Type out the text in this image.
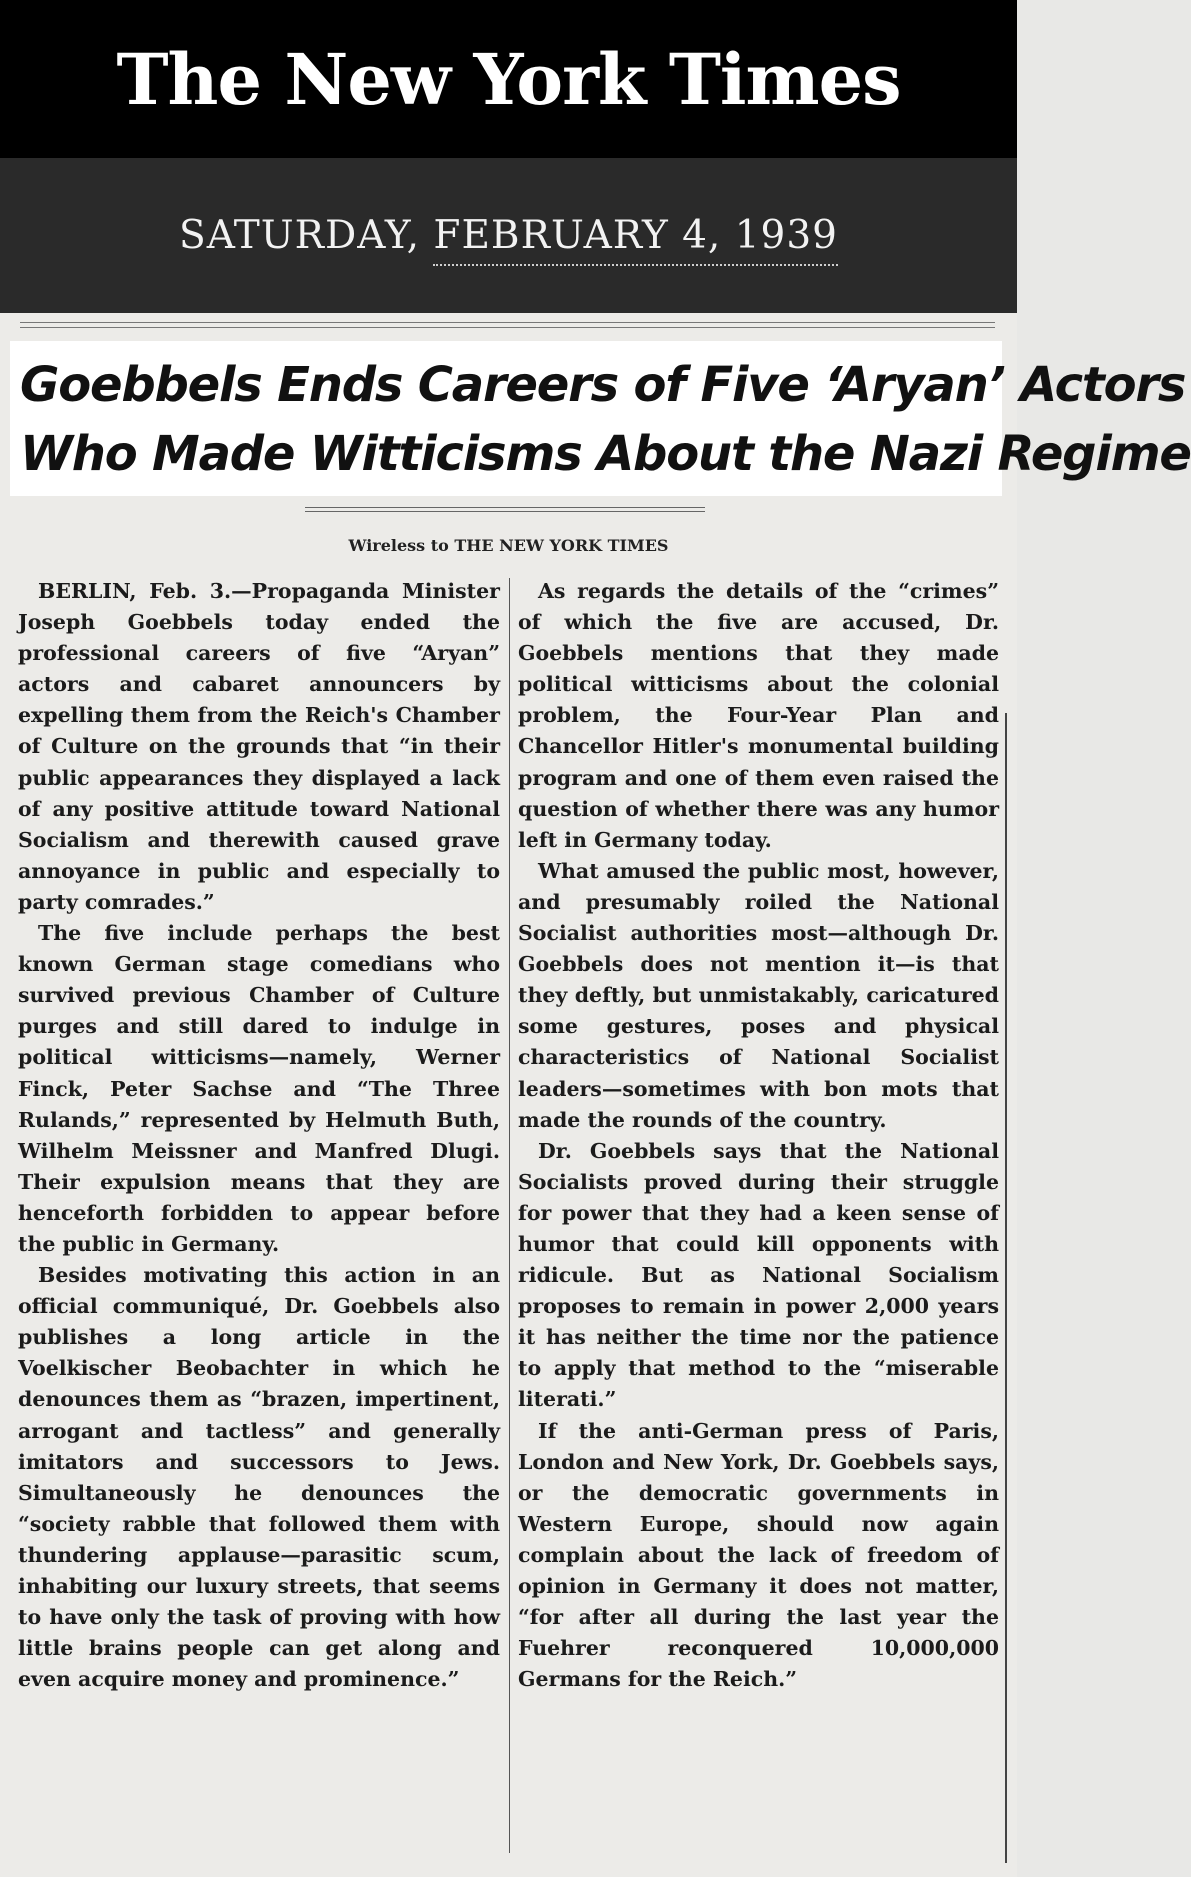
The New York Times
SATURDAY, FEBRUARY 4, 1939
Goebbels Ends Careers of Five ‘Aryan’ Actors
Who Made Witticisms About the Nazi Regime
Wireless to THE NEW YORK TIMES

BERLIN, Feb. 3.—Propaganda Minister Joseph Goebbels today ended the professional careers of five “Aryan” actors and cabaret announcers by expelling them from the Reich's Chamber of Culture on the grounds that “in their public appearances they displayed a lack of any positive attitude toward National Socialism and therewith caused grave annoyance in public and especially to party comrades.”

The five include perhaps the best known German stage comedians who survived previous Chamber of Culture purges and still dared to indulge in political witticisms—namely, Werner Finck, Peter Sachse and “The Three Rulands,” represented by Helmuth Buth, Wilhelm Meissner and Manfred Dlugi. Their expulsion means that they are henceforth forbidden to appear before the public in Germany.

Besides motivating this action in an official communiqué, Dr. Goebbels also publishes a long article in the Voelkischer Beobachter in which he denounces them as “brazen, impertinent, arrogant and tactless” and generally imitators and successors to Jews. Simultaneously he denounces the “society rabble that followed them with thundering applause—parasitic scum, inhabiting our luxury streets, that seems to have only the task of proving with how little brains people can get along and even acquire money and prominence.”

As regards the details of the “crimes” of which the five are accused, Dr. Goebbels mentions that they made political witticisms about the colonial problem, the Four-Year Plan and Chancellor Hitler's monumental building program and one of them even raised the question of whether there was any humor left in Germany today.

What amused the public most, however, and presumably roiled the National Socialist authorities most—although Dr. Goebbels does not mention it—is that they deftly, but unmistakably, caricatured some gestures, poses and physical characteristics of National Socialist leaders—sometimes with bon mots that made the rounds of the country.

Dr. Goebbels says that the National Socialists proved during their struggle for power that they had a keen sense of humor that could kill opponents with ridicule. But as National Socialism proposes to remain in power 2,000 years it has neither the time nor the patience to apply that method to the “miserable literati.”

If the anti-German press of Paris, London and New York, Dr. Goebbels says, or the democratic governments in Western Europe, should now again complain about the lack of freedom of opinion in Germany it does not matter, “for after all during the last year the Fuehrer reconquered 10,000,000 Germans for the Reich.”
